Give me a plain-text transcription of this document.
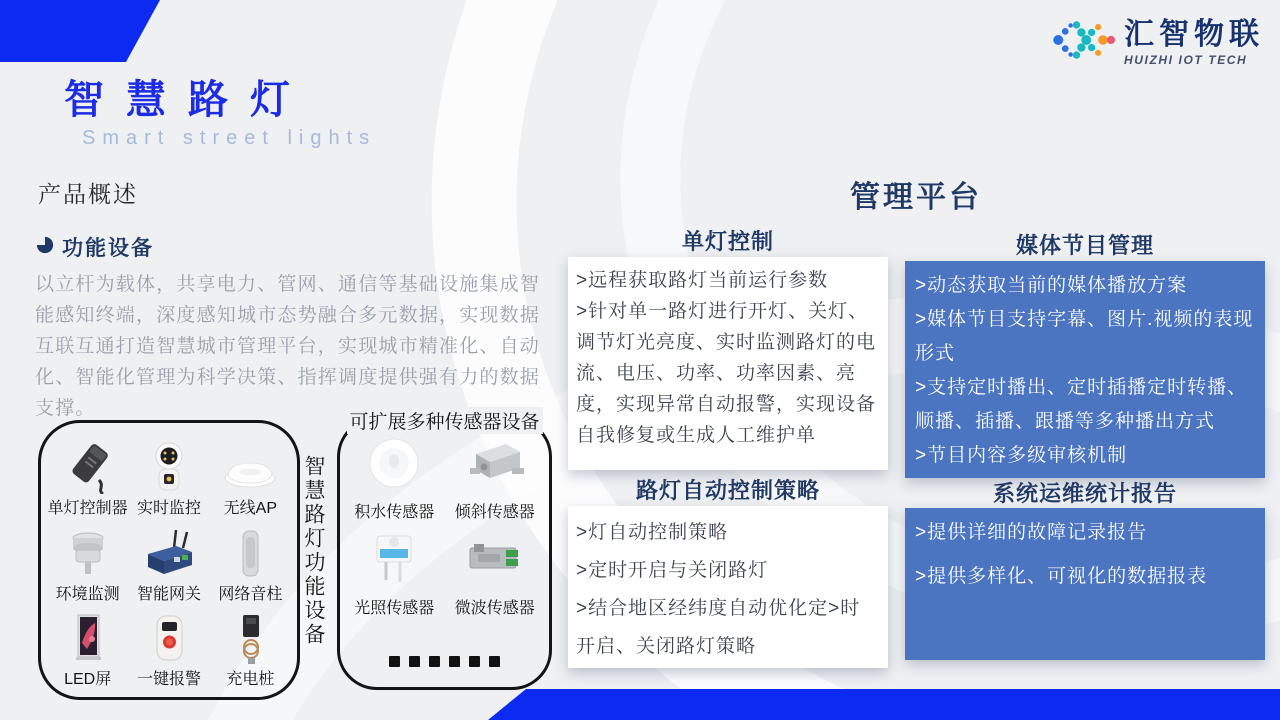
汇智物联
HUIZHI IOT TECH
智慧路灯
Smart street lights
产品概述
功能设备
以立杆为载体，共享电力、管网、通信等基础设施集成智能感知终端，深度感知城市态势融合多元数据，实现数据互联互通打造智慧城市管理平台，实现城市精准化、自动化、智能化管理为科学决策、指挥调度提供强有力的数据支撑。
单灯控制器 实时监控 无线AP
环境监测 智能网关 网络音柱
LED屏 一键报警 充电桩
智慧路灯功能设备
可扩展多种传感器设备
积水传感器 倾斜传感器
光照传感器 微波传感器
管理平台
单灯控制	媒体节目管理

>远程获取路灯当前运行参数

>针对单一路灯进行开灯、关灯、调节灯光亮度、实时监测路灯的电流、电压、功率、功率因素、亮度，实现异常自动报警，实现设备自我修复或生成人工维护单

>动态获取当前的媒体播放方案

>媒体节目支持字幕、图片.视频的表现形式

>支持定时播出、定时插播定时转播、顺播、插播、跟播等多种播出方式

>节目内容多级审核机制

路灯自动控制策略	系统运维统计报告

>灯自动控制策略

>定时开启与关闭路灯

>结合地区经纬度自动优化定>时开启、关闭路灯策略

>提供详细的故障记录报告

>提供多样化、可视化的数据报表
